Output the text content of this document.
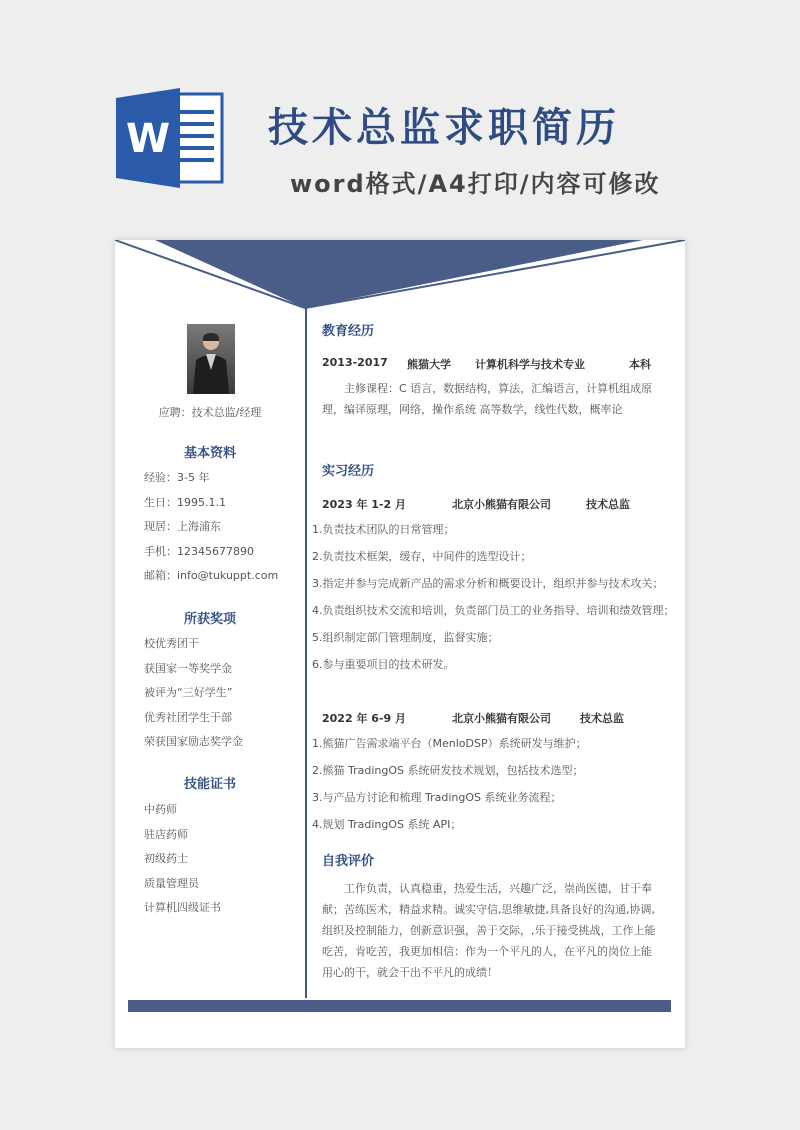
W 技术总监求职简历
word格式/A4打印/内容可修改
应聘：技术总监/经理
基本资料
经验：3-5 年
生日：1995.1.1
现居：上海浦东
手机：12345677890
邮箱：info@tukuppt.com
所获奖项
校优秀团干
获国家一等奖学金
被评为“三好学生”
优秀社团学生干部
荣获国家励志奖学金
技能证书
中药师
驻店药师
初级药士
质量管理员
计算机四级证书
教育经历
2013-2017 熊猫大学 计算机科学与技术专业	本科
主修课程：C 语言，数据结构，算法，汇编语言，计算机组成原理，编译原理，网络，操作系统 高等数学，线性代数，概率论
实习经历
2023 年 1-2 月	北京小熊猫有限公司	技术总监
1.负责技术团队的日常管理；
2.负责技术框架，缓存，中间件的选型设计；
3.指定并参与完成新产品的需求分析和概要设计，组织并参与技术攻关；
4.负责组织技术交流和培训，负责部门员工的业务指导、培训和绩效管理；
5.组织制定部门管理制度，监督实施；
6.参与重要项目的技术研发。
2022 年 6-9 月	北京小熊猫有限公司	技术总监
1.熊猫广告需求端平台（MenloDSP）系统研发与维护；
2.熊猫 TradingOS 系统研发技术规划，包括技术选型；
3.与产品方讨论和梳理 TradingOS 系统业务流程；
4.规划 TradingOS 系统 API；
自我评价
工作负责，认真稳重，热爱生活，兴趣广泛，崇尚医德，甘于奉献；苦练医术，精益求精。诚实守信,思维敏捷,具备良好的沟通,协调,组织及控制能力，创新意识强，善于交际，,乐于接受挑战，工作上能吃苦，肯吃苦，我更加相信：作为一个平凡的人，在平凡的岗位上能用心的干，就会干出不平凡的成绩！
